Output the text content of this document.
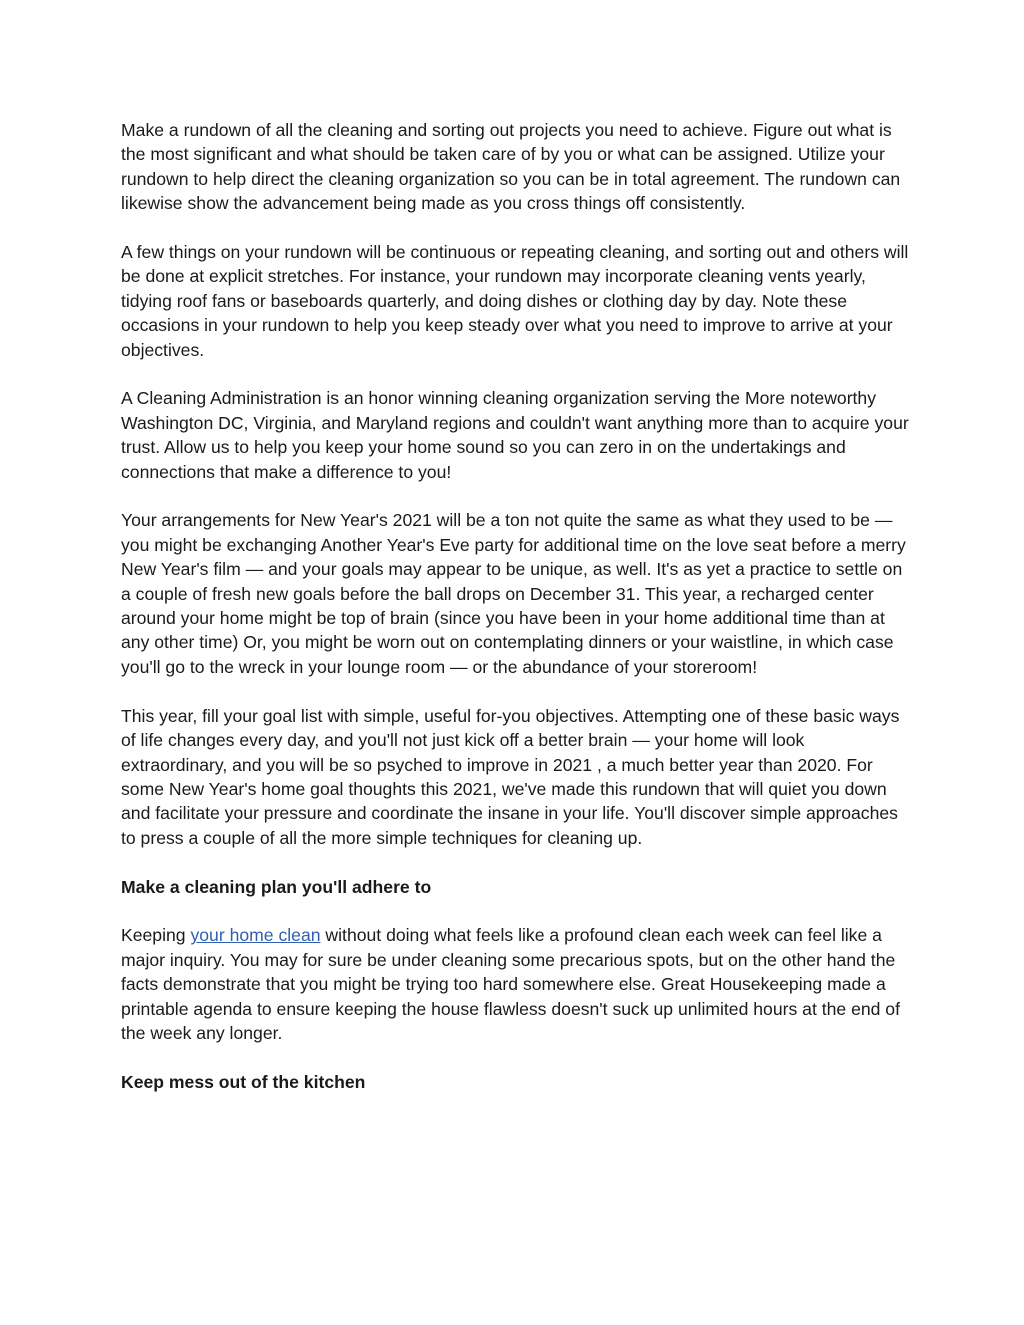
Make a rundown of all the cleaning and sorting out projects you need to achieve. Figure out what is the most significant and what should be taken care of by you or what can be assigned. Utilize your rundown to help direct the cleaning organization so you can be in total agreement. The rundown can likewise show the advancement being made as you cross things off consistently.

A few things on your rundown will be continuous or repeating cleaning, and sorting out and others will be done at explicit stretches. For instance, your rundown may incorporate cleaning vents yearly, tidying roof fans or baseboards quarterly, and doing dishes or clothing day by day. Note these occasions in your rundown to help you keep steady over what you need to improve to arrive at your objectives.

A Cleaning Administration is an honor winning cleaning organization serving the More noteworthy Washington DC, Virginia, and Maryland regions and couldn't want anything more than to acquire your trust. Allow us to help you keep your home sound so you can zero in on the undertakings and connections that make a difference to you!

Your arrangements for New Year's 2021 will be a ton not quite the same as what they used to be — you might be exchanging Another Year's Eve party for additional time on the love seat before a merry New Year's film — and your goals may appear to be unique, as well. It's as yet a practice to settle on a couple of fresh new goals before the ball drops on December 31. This year, a recharged center around your home might be top of brain (since you have been in your home additional time than at any other time) Or, you might be worn out on contemplating dinners or your waistline, in which case you'll go to the wreck in your lounge room — or the abundance of your storeroom!

This year, fill your goal list with simple, useful for-you objectives. Attempting one of these basic ways of life changes every day, and you'll not just kick off a better brain — your home will look extraordinary, and you will be so psyched to improve in 2021 , a much better year than 2020. For some New Year's home goal thoughts this 2021, we've made this rundown that will quiet you down and facilitate your pressure and coordinate the insane in your life. You'll discover simple approaches to press a couple of all the more simple techniques for cleaning up.

Make a cleaning plan you'll adhere to

Keeping your home clean without doing what feels like a profound clean each week can feel like a major inquiry. You may for sure be under cleaning some precarious spots, but on the other hand the facts demonstrate that you might be trying too hard somewhere else. Great Housekeeping made a printable agenda to ensure keeping the house flawless doesn't suck up unlimited hours at the end of the week any longer.

Keep mess out of the kitchen
